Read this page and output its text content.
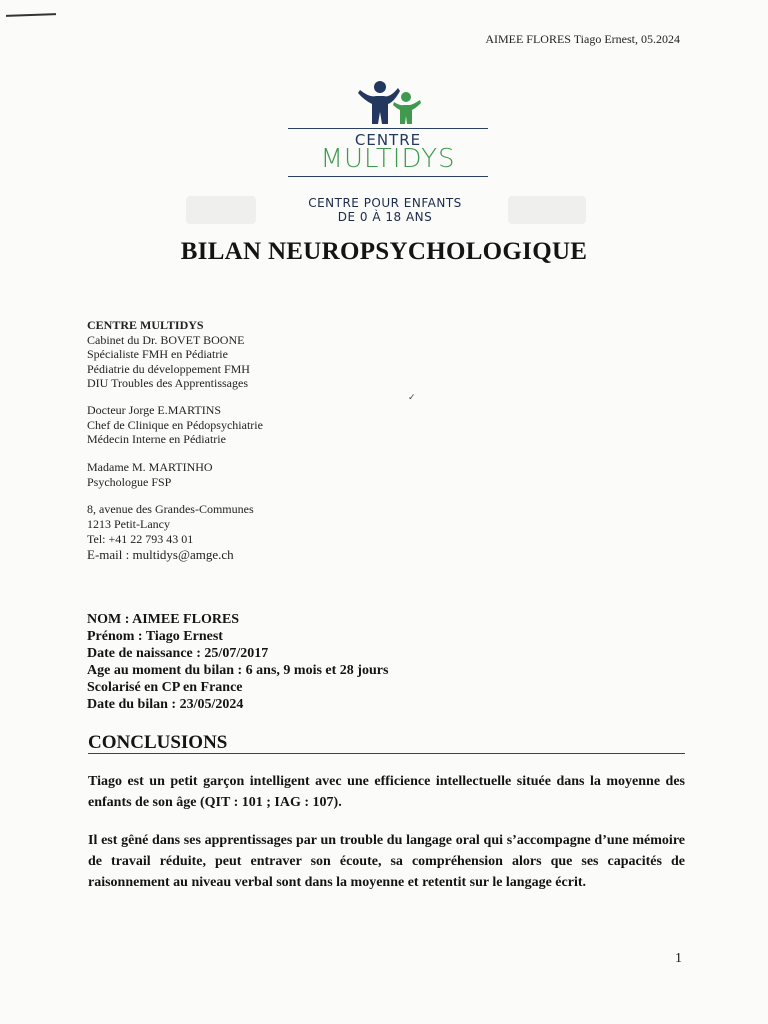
AIMEE FLORES Tiago Ernest, 05.2024
CENTRE
MULTIDYS
CENTRE POUR ENFANTS
DE 0 À 18 ANS
BILAN NEUROPSYCHOLOGIQUE
CENTRE MULTIDYS
Cabinet du Dr. BOVET BOONE
Spécialiste FMH en Pédiatrie
Pédiatrie du développement FMH
DIU Troubles des Apprentissages
✓
Docteur Jorge E.MARTINS
Chef de Clinique en Pédopsychiatrie
Médecin Interne en Pédiatrie
Madame M. MARTINHO
Psychologue FSP
8, avenue des Grandes-Communes
1213 Petit-Lancy
Tel: +41 22 793 43 01
E-mail : multidys@amge.ch
NOM : AIMEE FLORES
Prénom : Tiago Ernest
Date de naissance : 25/07/2017
Age au moment du bilan : 6 ans, 9 mois et 28 jours
Scolarisé en CP en France
Date du bilan : 23/05/2024
CONCLUSIONS
Tiago est un petit garçon intelligent avec une efficience intellectuelle située dans la moyenne des enfants de son âge (QIT : 101 ; IAG : 107).
Il est gêné dans ses apprentissages par un trouble du langage oral qui s’accompagne d’une mémoire de travail réduite, peut entraver son écoute, sa compréhension alors que ses capacités de raisonnement au niveau verbal sont dans la moyenne et retentit sur le langage écrit.
1
